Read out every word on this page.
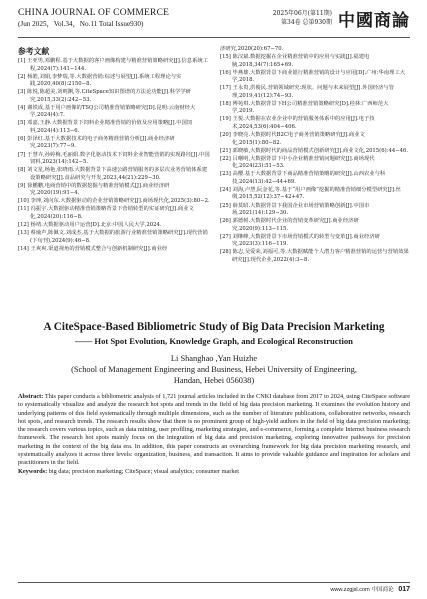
CHINA JOURNAL OF COMMERCE
(Jun 2025，Vol.34，No.11 Total Issue930)
2025年06月(第11期)
第34卷 总第930期 中國商論
参考文献
[1] 王亚男,邓鹏程.基于大数据的客户画像构建与精准营销策略研究[J].信息系统工程,2024(7):141−144.
[2] 杨皓,刘娟,李梦瑞,等.大数据营销:综述与展望[J].系统工程理论与实践,2020,40(8):2150−8.
[3] 陈悦,陈超美,刘则渊,等.CiteSpace知识图谱的方法论功能[J].科学学研究,2015,33(2):242−53.
[4] 谢铁成,基于用户画像的TSQ公司精准营销策略研究[D].昆明:云南财经大学,2024(4):7.
[5] 邓嘉,王静.大数据背景下饲料企业精准营销的价值及应用策略[J].中国饲料,2024(4):113−6.
[6] 彭泽红.基于大数据技术的电子商务精准营销分析[J].商业经济研究,2023(7):77−9.
[7] 于慧卉,孙婷梅,毛丽娟.数字化驱动技术下饲料企业智能营销的实现路径[J].中国饲料,2023(14):142−5.
[8] 刘文星,杨艳,张晓雨.大数据背景下高速公路营销服务的多层次业务营销体系建设策略研究[J].食品研究与开发,2023,44(21):229−30.
[9] 徐鹏鹏,电商营销中的数据挖掘与精准营销模式[J].商业经济研究,2020(19):91−4.
[10] 李坤,刘向东.大数据驱动的企业营销策略研究[J].商场现代化,2025(3):80−2.
[11] 冯振宇.大数据驱动精准营销策略背景下营销转型的实证研究[J].商业文化,2024(20):116−8.
[12] 杨靖.大数据驱动用户运营[D].北京:中国人民大学,2024.
[13] 蔡瑜声,陈佩文.刘成杰.基于大数据的旅游行业精准营销策略研究[J].现代营销(下旬刊),2024(9):46−8.
[14] 王爽爽.渠道视角的营销模式整合与创新机制研究[J].商业经
济研究,2020(20):67−70.
[15] 陈汉斌.数据挖掘在企业精准营销中的应用与实践[J].福建电脑,2018,34(7):165+69.
[16] 毕燕雄.大数据背景下商业银行精准营销的设计与应用[D].广州:华南理工大学,2018.
[17] 王永贵,洪俊民.营销领域研究:现状、问题与未来展望[J].外国经济与管理,2019,41(12):74−93.
[18] 傅苑琪.大数据背景下H公司精准营销策略研究[D].桂林:广西师范大学,2019.
[19] 王悦.大数据在农业企业中的营销服务体系中的应用[J].电子技术,2024,53(6):404−406.
[20] 李晓亮.大数据时代B2C电子商务营销策略研究[J].商业文化,2015(1):80−82.
[21] 郭晓敏,大数据时代的商品营销模式创新研究[J].商业文化,2015(6):44−46.
[22] 吕曙明,大数据背景下中小企业精准营销问题研究[J].商场现代化,2024(23):51−53.
[23] 高樱.基于大数据背景下商品精准营销策略的研究[J].山西农业与科技,2024(13):42−44+69.
[24] 刘海,卢慧,阮金花,等.基于“用户画像”挖掘的精准营销细分模型研究[J].丝绸,2015,52(12):37−42+47.
[25] 薛莫昭.大数据背景下我国企业市场营销策略创新[J].中国市场,2021(14):129−30.
[26] 郭德树.大数据时代企业的营销变革研究[J].商业经济研究,2020(9):113−115.
[27] 刘继峰,大数据背景下市场营销模式的转型与变革[J].商业经济研究,2023(3):116−119.
[28] 陈志,吴爱荣,刘福可,等.大数据赋能个人潜力客户精准营销的运营与营销效果研究[J].现代企业,2022(4):3−8.
A CiteSpace-Based Bibliometric Study of Big Data Precision Marketing
—— Hot Spot Evolution, Knowledge Graph, and Ecological Reconstruction
Li Shanghao ,Yan Huizhe
(School of Management Engineering and Business, Hebei University of Engineering,
Handan, Hebei 056038)
Abstract: This paper conducts a bibliometric analysis of 1,721 journal articles included in the CNKI database from 2017 to 2024, using CiteSpace software to systematically visualize and analyze the research hot spots and trends in the field of big data precision marketing. It examines the evolution history and underlying patterns of this field systematically through multiple dimensions, such as the number of literature publications, collaborative networks, research hot spots, and research trends. The research results show that there is no prominent group of high-yield authors in the field of big data precision marketing; the research covers various topics, such as data mining, user profiling, marketing strategies, and e-commerce, forming a complete Internet business research framework. The research hot spots mainly focus on the integration of big data and precision marketing, exploring innovative pathways for precision marketing in the context of the big data era. In addition, this paper constructs an overarching framework for big data precision marketing research, and systematically analyzes it across three levels: organization, business, and transaction. It aims to provide valuable guidance and inspiration for scholars and practitioners in the field.
Keywords: big data; precision marketing; CiteSpace; visual analytics; consumer market
www.zzgjsl.com 中国商论 017
